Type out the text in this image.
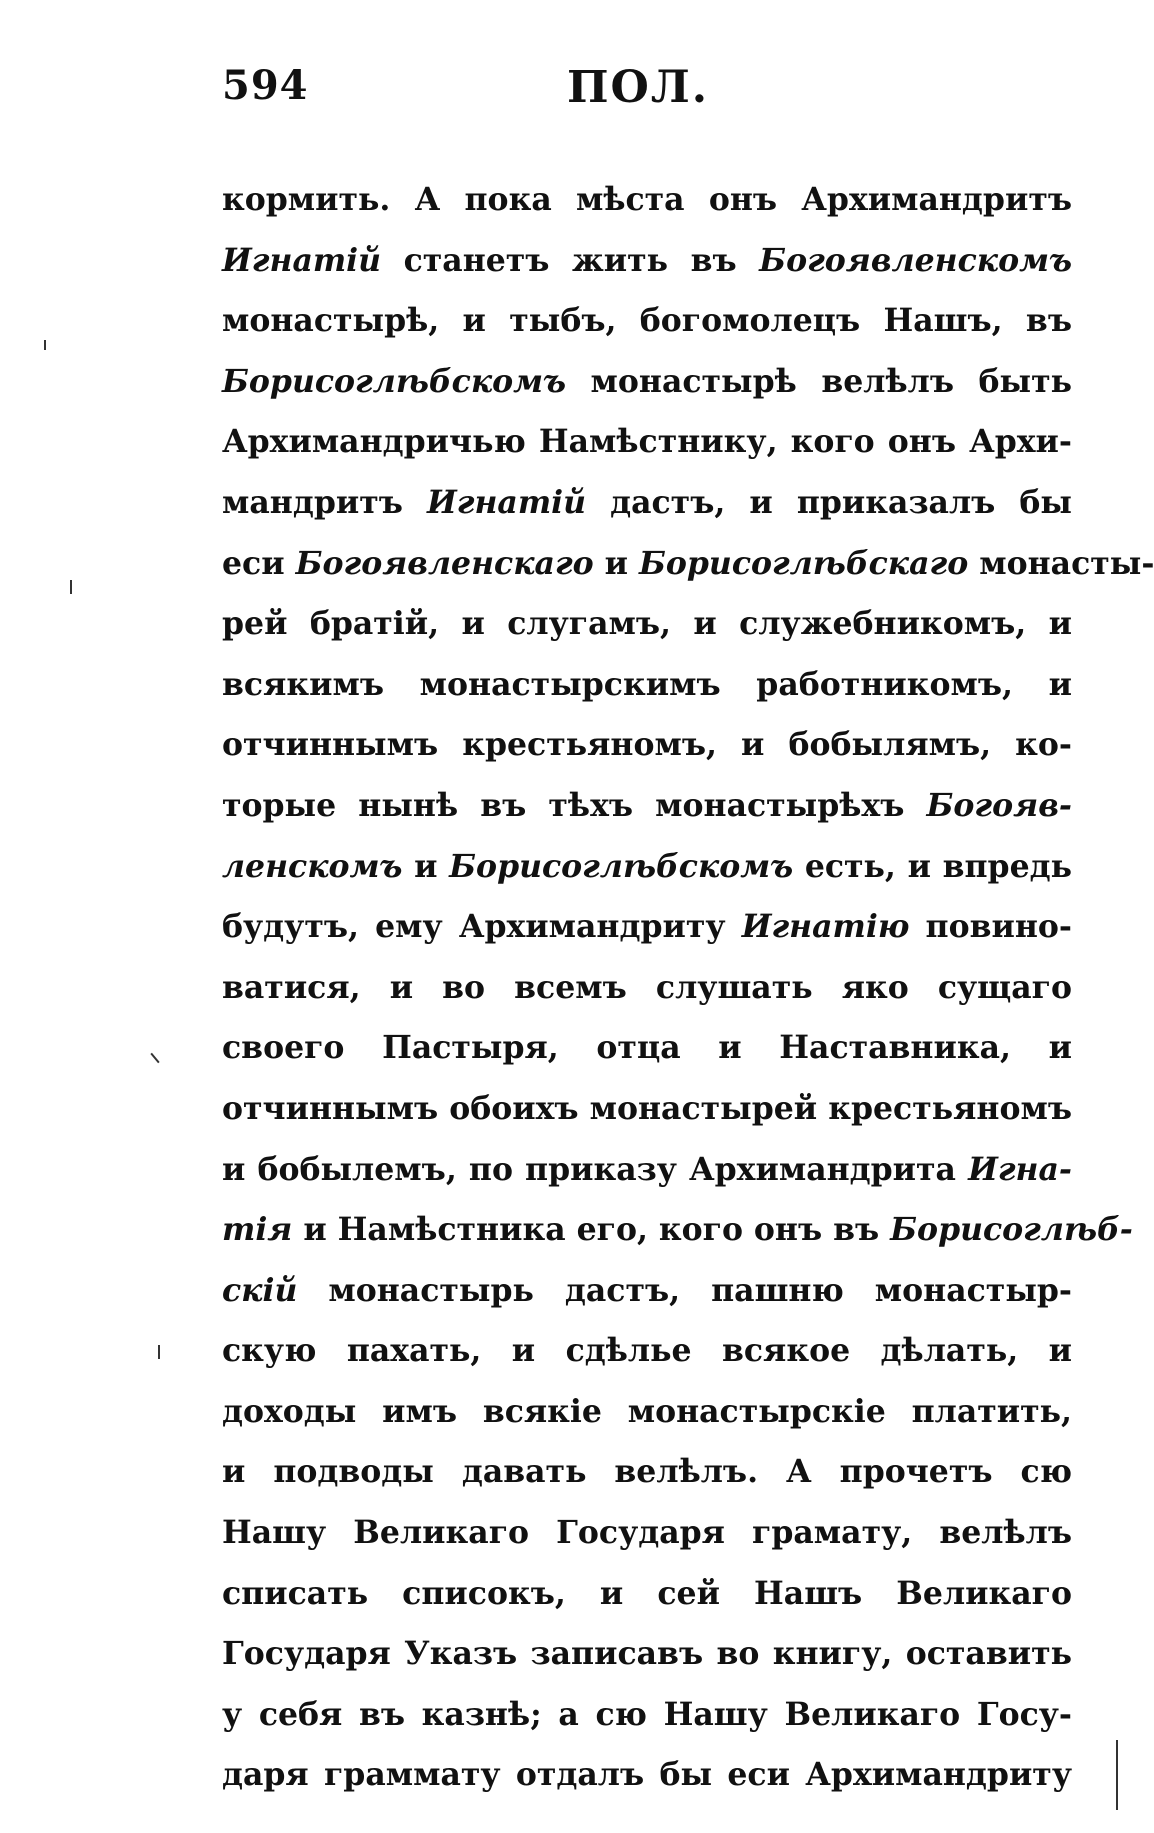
594	ПОЛ.
кормить. А пока мѣста онъ Архимандритъ
Игнатій станетъ жить въ Богоявленскомъ
монастырѣ, и тыбъ, богомолецъ Нашъ, въ
Борисоглѣбскомъ монастырѣ велѣлъ быть
Архимандричью Намѣстнику, кого онъ Архи-
мандритъ Игнатій дастъ, и приказалъ бы
еси Богоявленскаго и Борисоглѣбскаго монасты-
рей братій, и слугамъ, и служебникомъ, и
всякимъ монастырскимъ работникомъ, и
отчиннымъ крестьяномъ, и бобылямъ, ко-
торые нынѣ въ тѣхъ монастырѣхъ Богояв-
ленскомъ и Борисоглѣбскомъ есть, и впредь
будутъ, ему Архимандриту Игнатію повино-
ватися, и во всемъ слушать яко сущаго
своего Пастыря, отца и Наставника, и
отчиннымъ обоихъ монастырей крестьяномъ
и бобылемъ, по приказу Архимандрита Игна-
тія и Намѣстника его, кого онъ въ Борисоглѣб-
скій монастырь дастъ, пашню монастыр-
скую пахать, и сдѣлье всякое дѣлать, и
доходы имъ всякіе монастырскіе платить,
и подводы давать велѣлъ. А прочетъ сю
Нашу Великаго Государя грамату, велѣлъ
списать списокъ, и сей Нашъ Великаго
Государя Указъ записавъ во книгу, оставить
у себя въ казнѣ; а сю Нашу Великаго Госу-
даря граммату отдалъ бы еси Архимандриту
